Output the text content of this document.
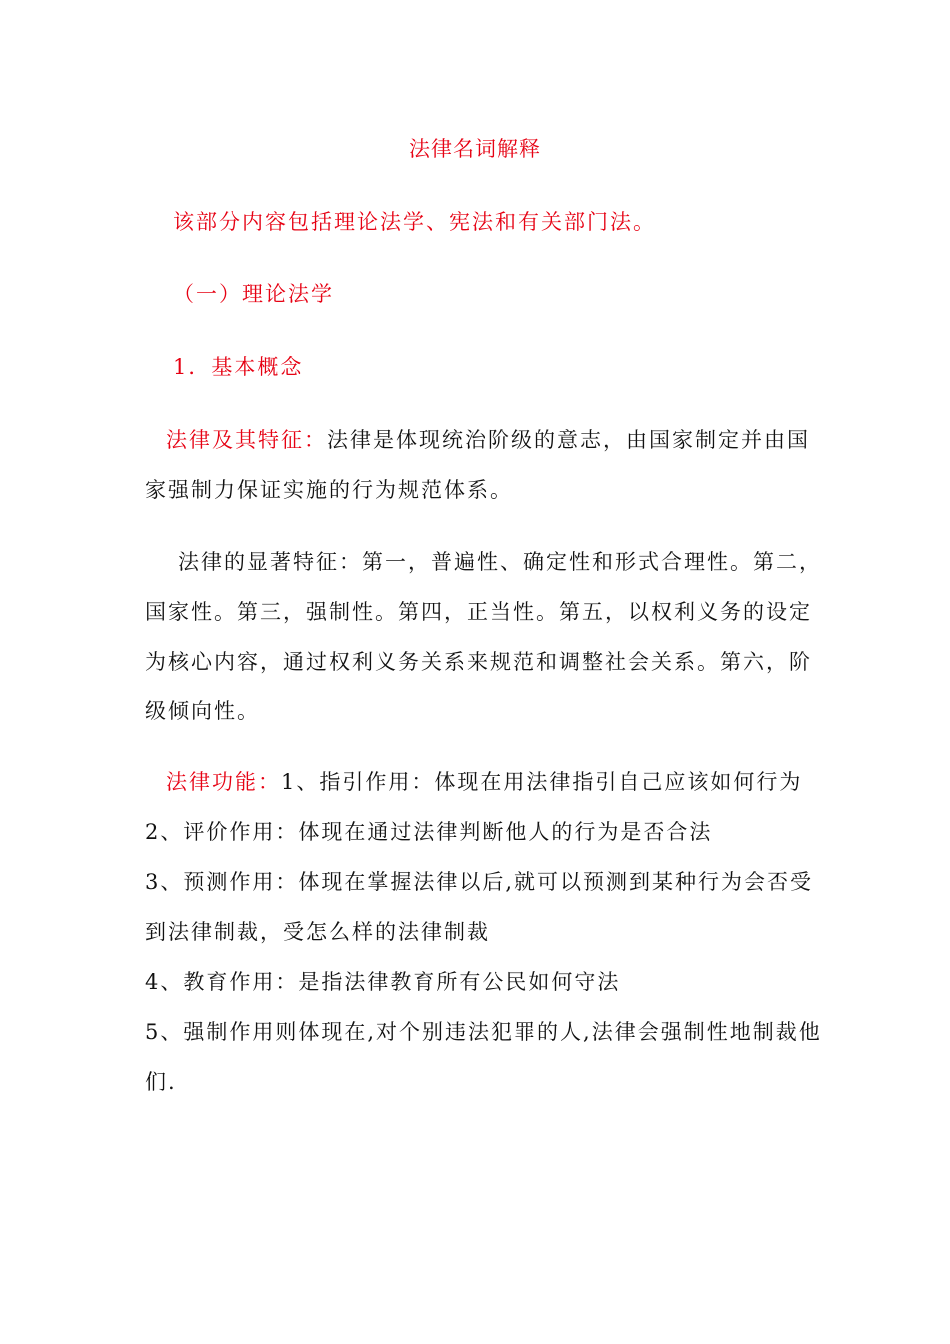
法律名词解释
该部分内容包括理论法学、宪法和有关部门法。
（一）理论法学
1．基本概念
法律及其特征：法律是体现统治阶级的意志，由国家制定并由国
家强制力保证实施的行为规范体系。
法律的显著特征：第一，普遍性、确定性和形式合理性。第二，
国家性。第三，强制性。第四，正当性。第五，以权利义务的设定
为核心内容，通过权利义务关系来规范和调整社会关系。第六，阶
级倾向性。
法律功能：1、指引作用：体现在用法律指引自己应该如何行为
2、评价作用：体现在通过法律判断他人的行为是否合法
3、预测作用：体现在掌握法律以后,就可以预测到某种行为会否受
到法律制裁，受怎么样的法律制裁
4、教育作用：是指法律教育所有公民如何守法
5、强制作用则体现在,对个别违法犯罪的人,法律会强制性地制裁他
们.
